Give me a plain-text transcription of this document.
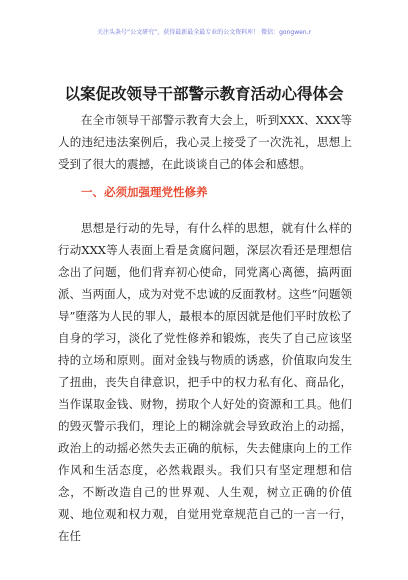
关注头条号“公文研究”，获得最新最全最专业的公文资料库！ 微信：gongwen.r
以案促改领导干部警示教育活动心得体会

在全市领导干部警示教育大会上，听到XXX、XXX等人的违纪违法案例后，我心灵上接受了一次洗礼，思想上受到了很大的震撼，在此谈谈自己的体会和感想。

一、必须加强理党性修养

思想是行动的先导，有什么样的思想，就有什么样的行动XXX等人表面上看是贪腐问题，深层次看还是理想信念出了问题，他们背弃初心使命，同党离心离德，搞两面派、当两面人，成为对党不忠诚的反面教材。这些“问题领导”堕落为人民的罪人，最根本的原因就是他们平时放松了自身的学习，淡化了党性修养和锻炼，丧失了自己应该坚持的立场和原则。面对金钱与物质的诱惑，价值取向发生了扭曲，丧失自律意识，把手中的权力私有化、商品化，当作谋取金钱、财物，捞取个人好处的资源和工具。他们的毁灭警示我们，理论上的糊涂就会导致政治上的动摇，政治上的动摇必然失去正确的航标，失去健康向上的工作作风和生活态度，必然栽跟头。我们只有坚定理想和信念，不断改造自己的世界观、人生观，树立正确的价值观、地位观和权力观，自觉用党章规范自己的一言一行，在任
